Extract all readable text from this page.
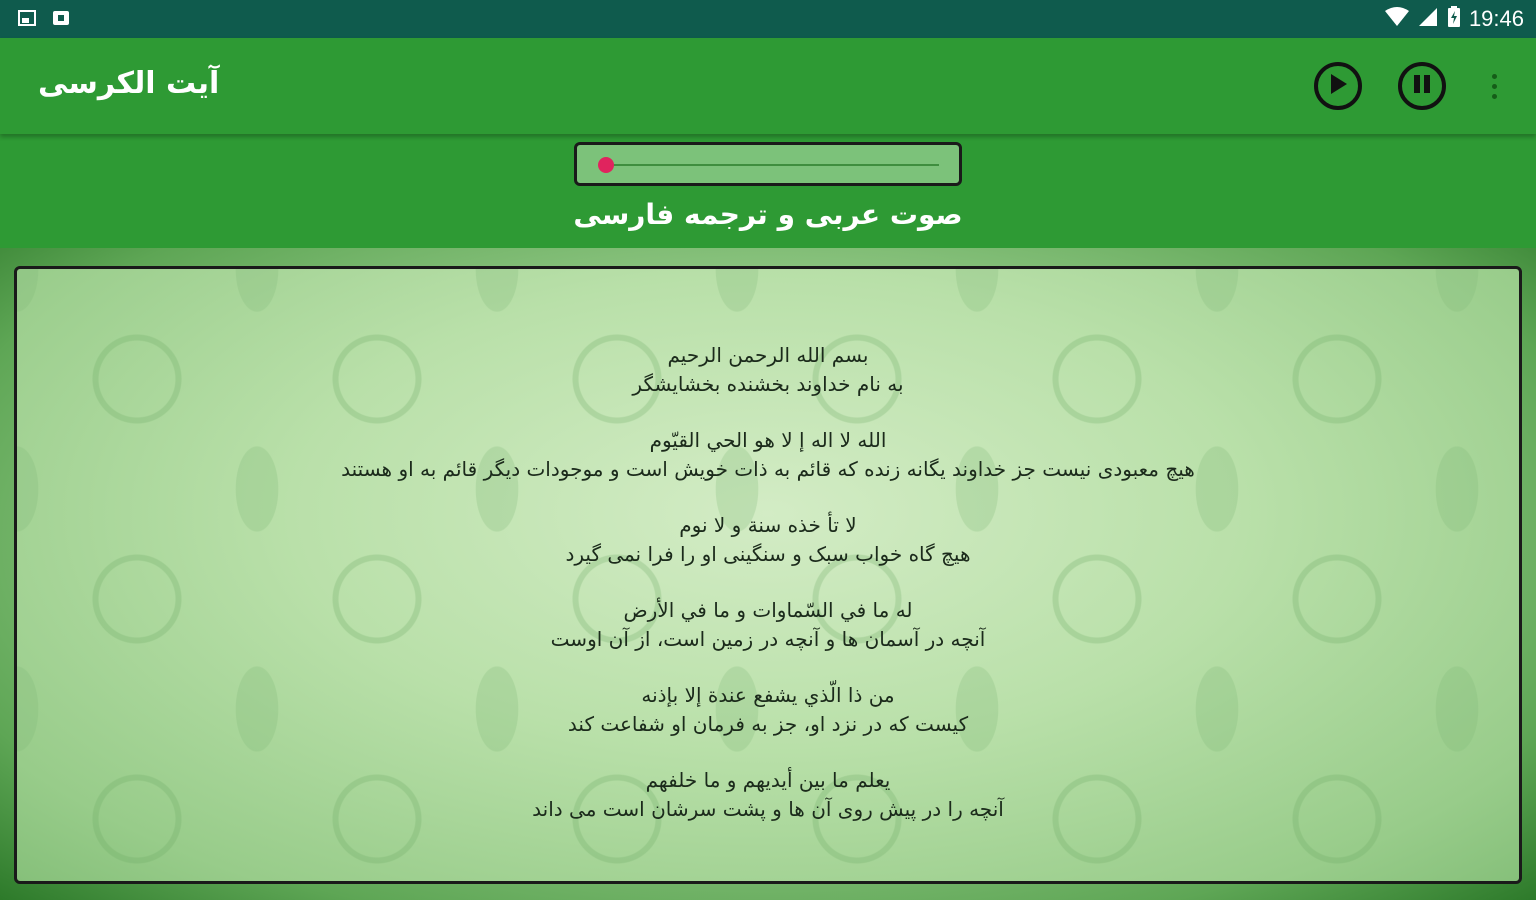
19:46
آیت الکرسی
صوت عربی و ترجمه فارسی
بسم الله الرحمن الرحيم
به نام خداوند بخشنده بخشایشگر
الله لا اله إ لا هو الحي القيّوم
هیچ معبودی نیست جز خداوند یگانه زنده که قائم به ذات خویش است و موجودات دیگر قائم به او هستند
لا تأ خذه سنة و لا نوم
هیچ گاه خواب سبک و سنگینی او را فرا نمی گیرد
له ما في السّماوات و ما في الأرض
آنچه در آسمان ها و آنچه در زمین است، از آن اوست
من ذا الّذي يشفع عندة إلا بإذنه
کیست که در نزد او، جز به فرمان او شفاعت کند
يعلم ما بين أيديهم و ما خلفهم
آنچه را در پیش روی آن ها و پشت سرشان است می داند
